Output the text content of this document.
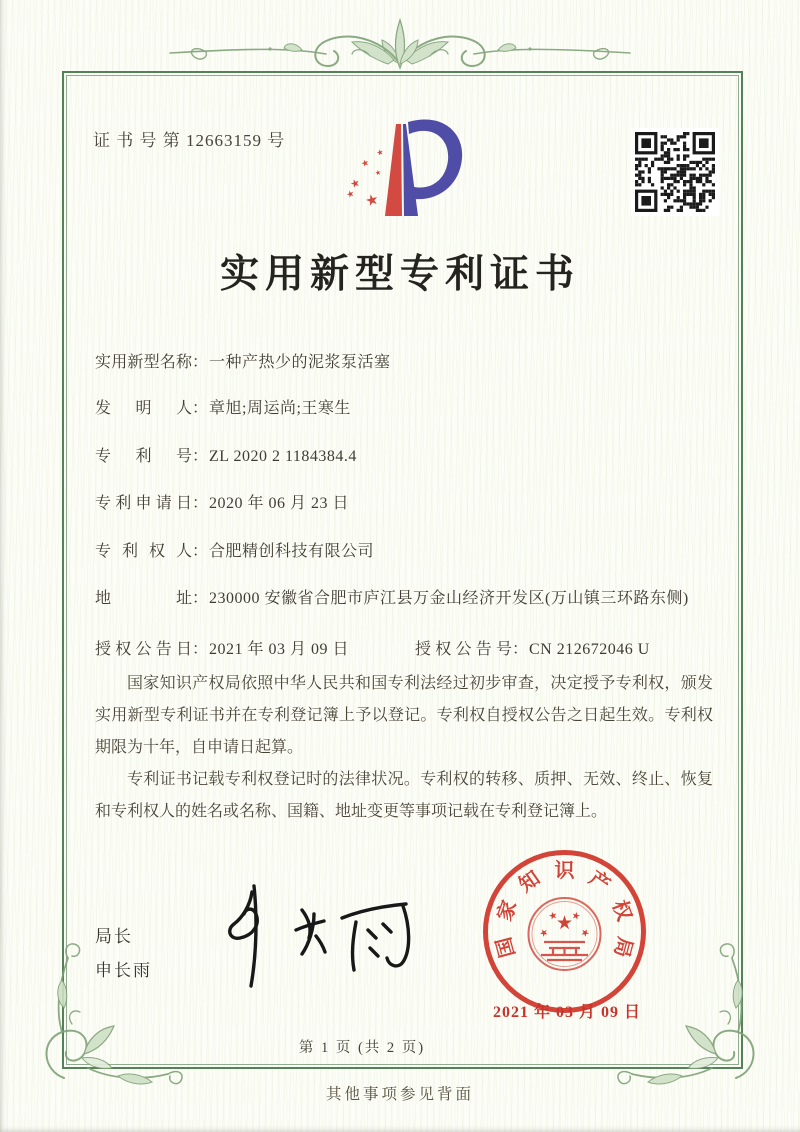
证 书 号 第 12663159 号
★
★
★
★
★
★
实用新型专利证书
实用新型名称：一种产热少的泥浆泵活塞
发明人：章旭;周运尚;王寒生
专利号：ZL 2020 2 1184384.4
专利申请日：2020 年 06 月 23 日
专利权人：合肥精创科技有限公司
地址：230000 安徽省合肥市庐江县万金山经济开发区(万山镇三环路东侧)
授权公告日：2021 年 03 月 09 日	授权公告号：CN 212672046 U

国家知识产权局依照中华人民共和国专利法经过初步审查，决定授予专利权，颁发实用新型专利证书并在专利登记簿上予以登记。专利权自授权公告之日起生效。专利权期限为十年，自申请日起算。

专利证书记载专利权登记时的法律状况。专利权的转移、质押、无效、终止、恢复和专利权人的姓名或名称、国籍、地址变更等事项记载在专利登记簿上。

局长
申长雨
国
家
知 识 产
权
局
★
★
★ ★
★
2021 年 03 月 09 日
第 1 页 (共 2 页)
其他事项参见背面
